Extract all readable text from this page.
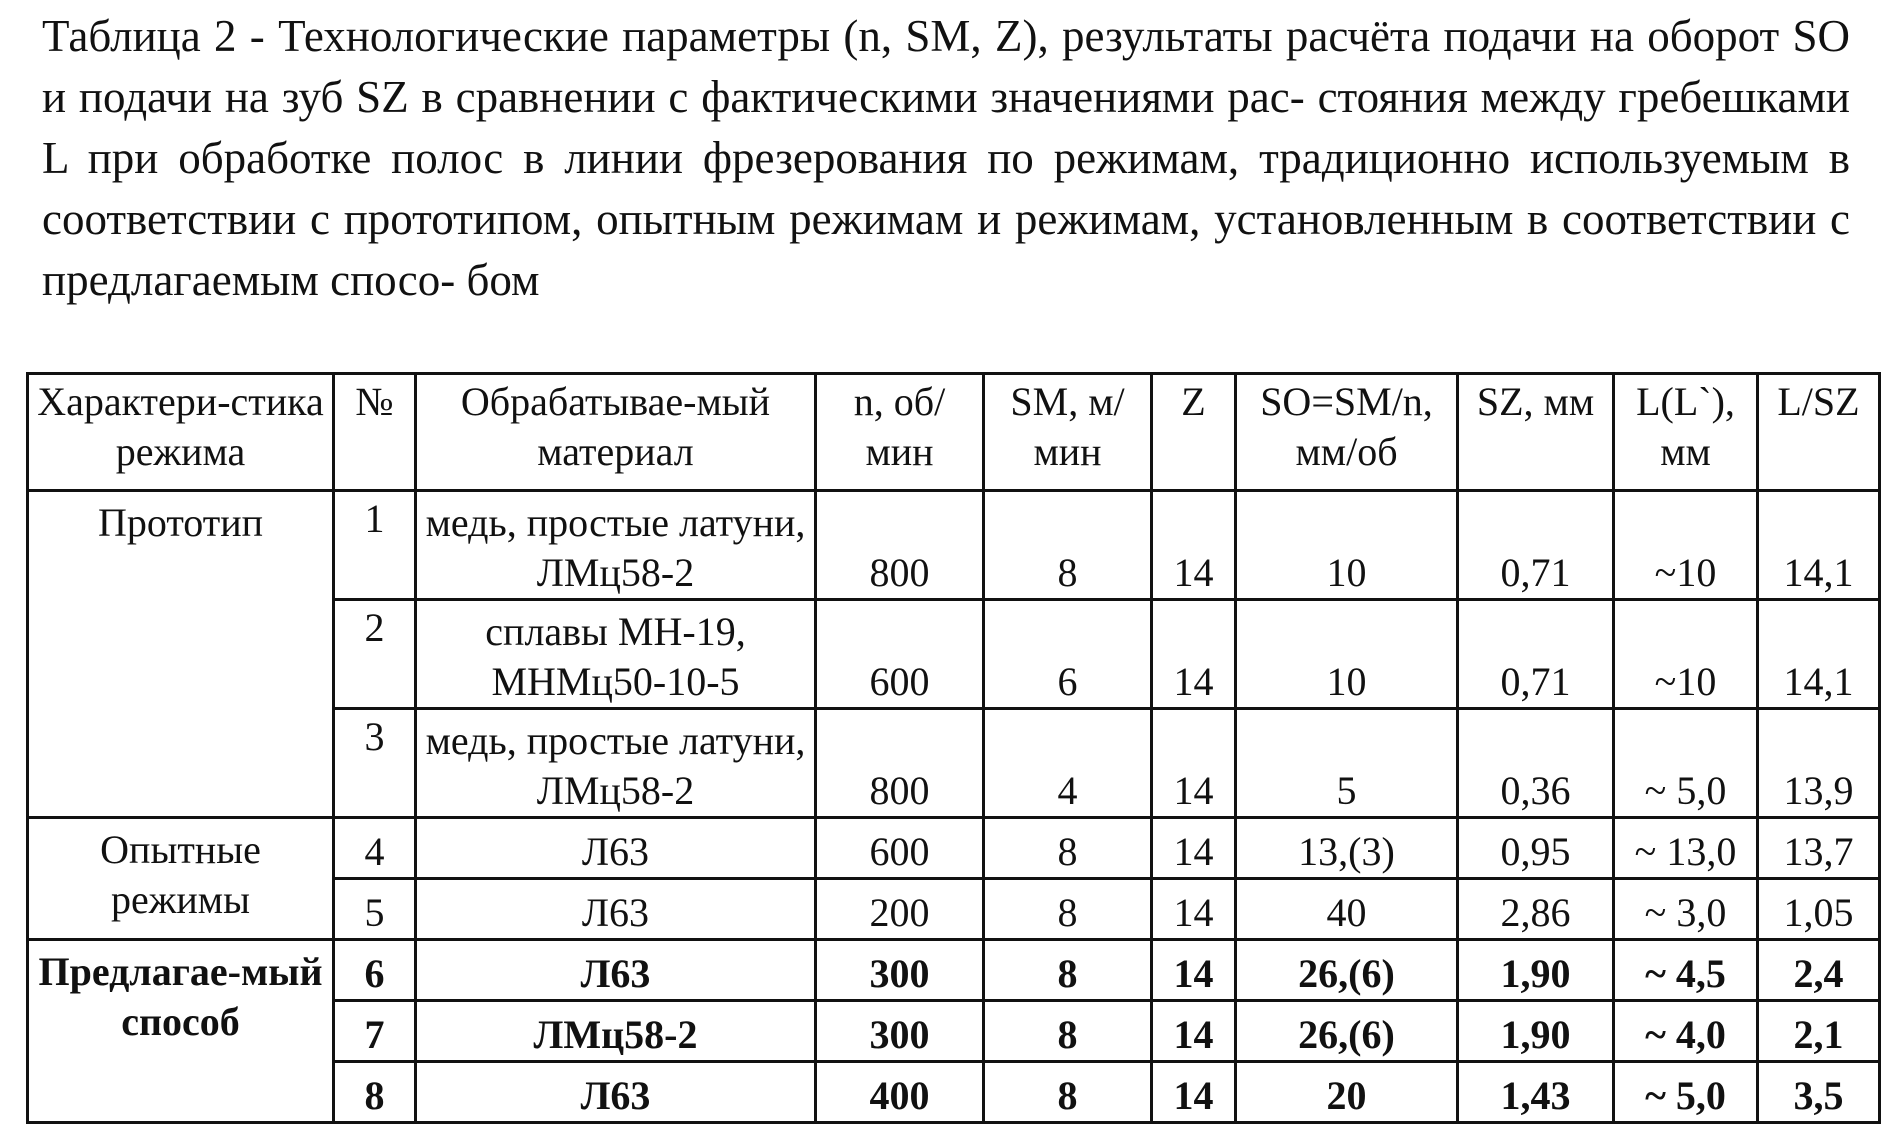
Таблица 2 - Технологические параметры (n, SM, Z), результаты расчёта подачи на оборот SO и подачи на зуб SZ в сравнении с фактическими значениями рас- стояния между гребешками L при обработке полос в линии фрезерования по режимам, традиционно используемым в соответствии с прототипом, опытным режимам и режимам, установленным в соответствии с предлагаемым спосо- бом
Характери-стика режима	№	Обрабатывае-мый материал	n, об/мин	SM, м/мин	Z	SO=SM/n, мм/об	SZ, мм	L(L`), мм	L/SZ
Прототип	1	медь, простые латуни, ЛМц58-2	800	8	14	10	0,71	~10	14,1
	2	сплавы МН-19, МНМц50-10-5	600	6	14	10	0,71	~10	14,1
	3	медь, простые латуни, ЛМц58-2	800	4	14	5	0,36	~ 5,0	13,9
Опытные режимы	4	Л63	600	8	14	13,(3)	0,95	~ 13,0	13,7
	5	Л63	200	8	14	40	2,86	~ 3,0	1,05
Предлагае-мый способ	6	Л63	300	8	14	26,(6)	1,90	~ 4,5	2,4
	7	ЛМц58-2	300	8	14	26,(6)	1,90	~ 4,0	2,1
	8	Л63	400	8	14	20	1,43	~ 5,0	3,5
